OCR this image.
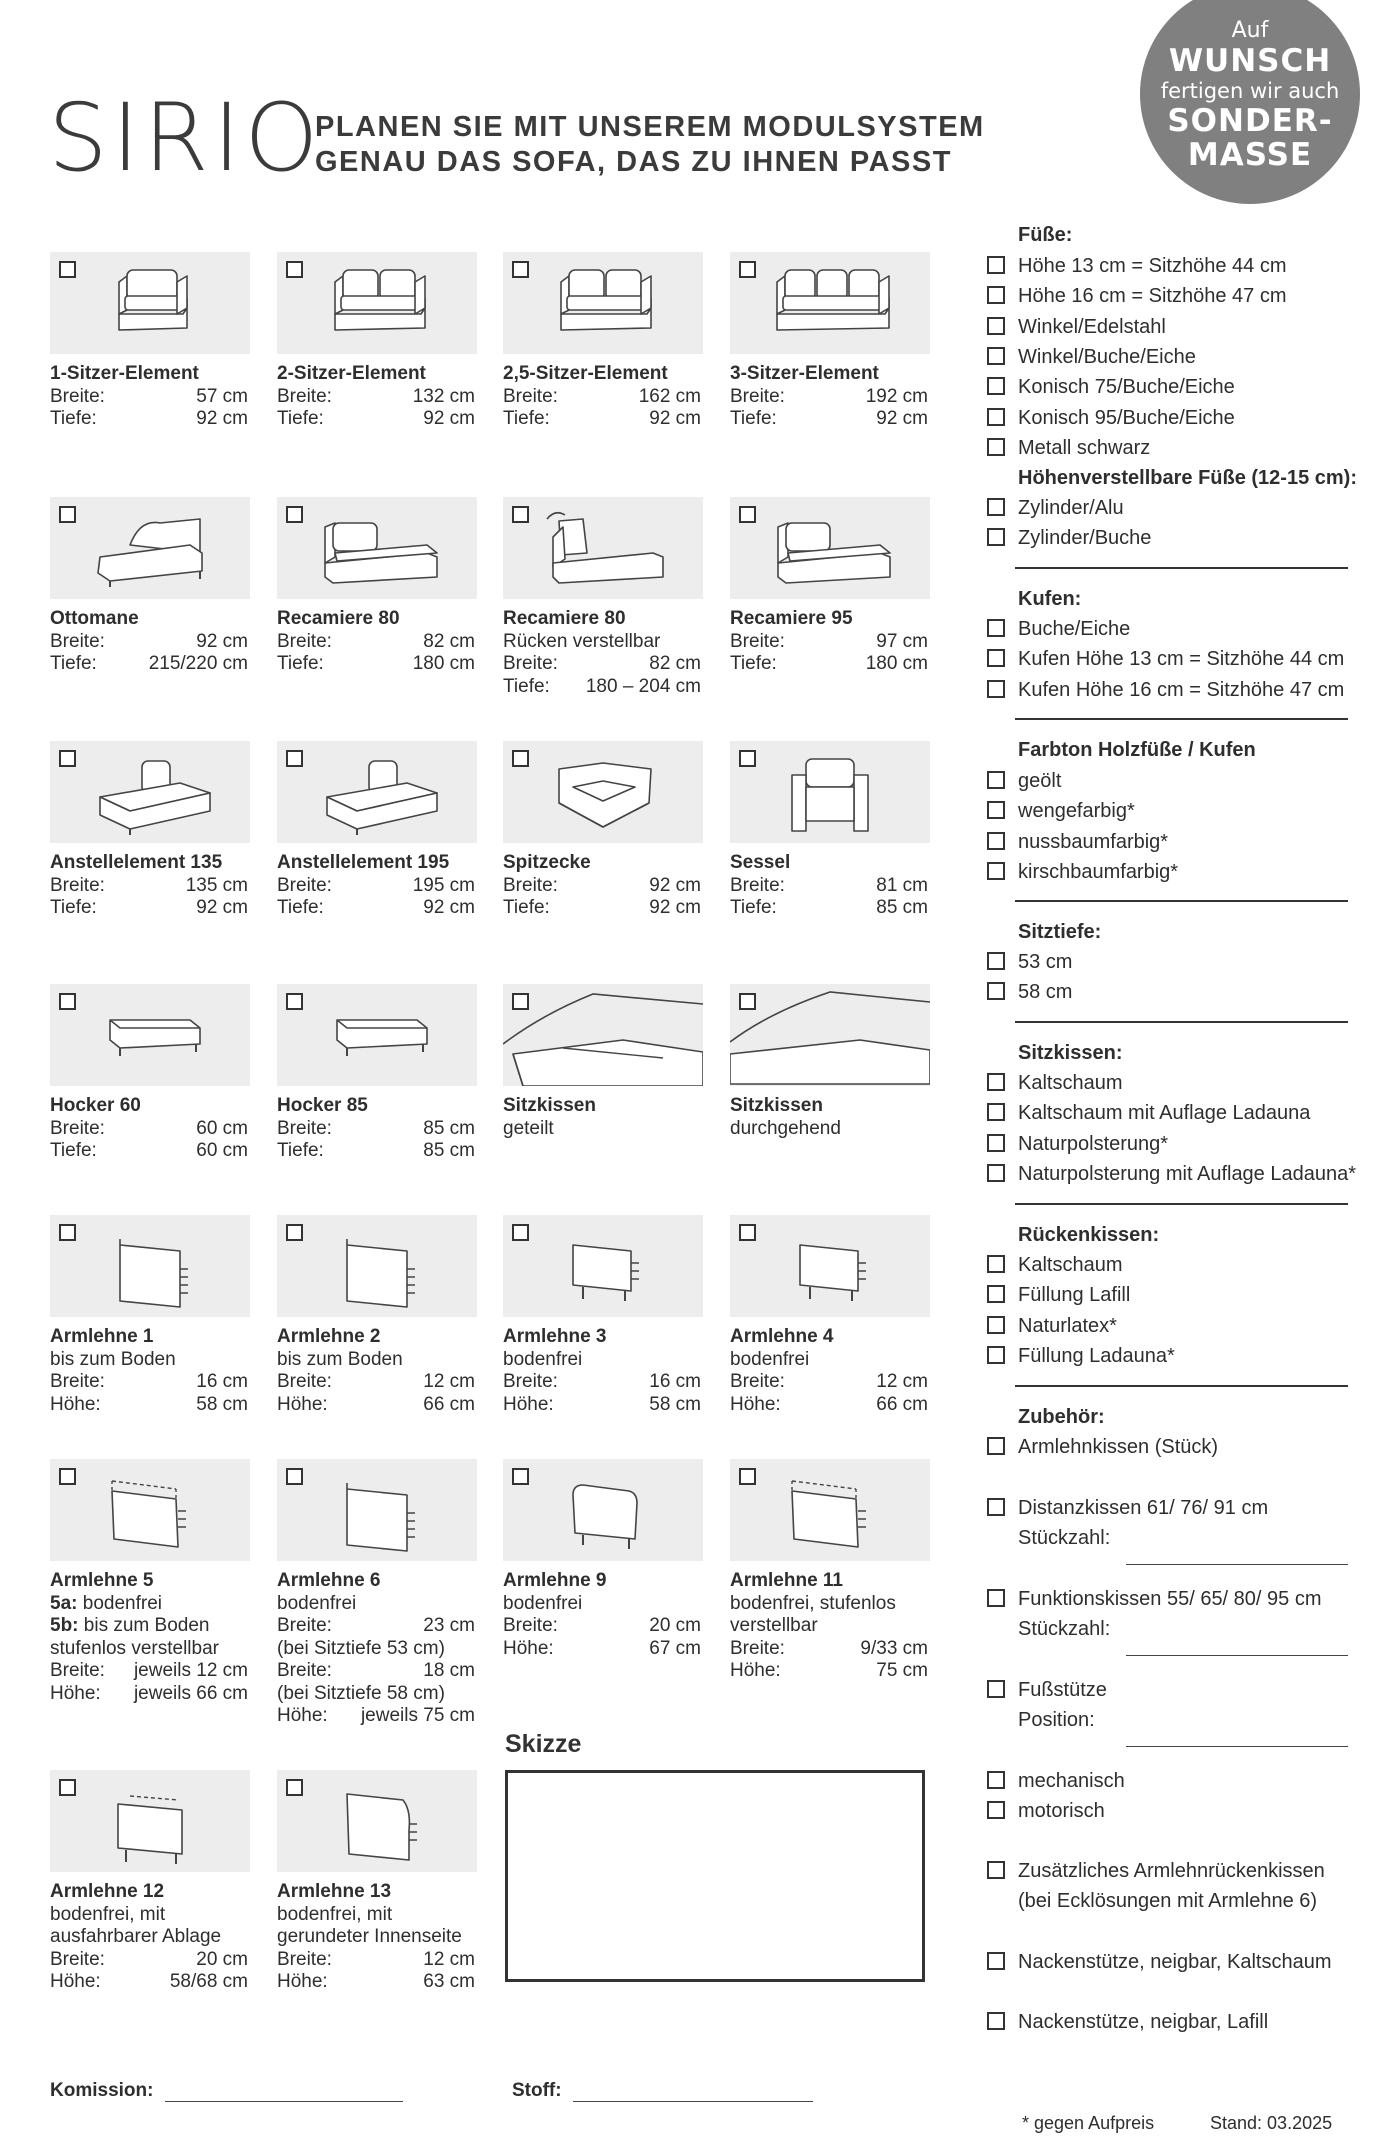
SIRIO
PLANEN SIE MIT UNSEREM MODULSYSTEM
GENAU DAS SOFA, DAS ZU IHNEN PASST
Auf
WUNSCH
fertigen wir auch
SONDER-
MASSE
1-Sitzer-Element
Breite:	57 cm
Tiefe:	92 cm
2-Sitzer-Element
Breite:	132 cm
Tiefe:	92 cm
2,5-Sitzer-Element
Breite:	162 cm
Tiefe:	92 cm
3-Sitzer-Element
Breite:	192 cm
Tiefe:	92 cm
Ottomane
Breite:	92 cm
Tiefe:	215/220 cm
Recamiere 80
Breite:	82 cm
Tiefe:	180 cm
Recamiere 80
Rücken verstellbar
Breite:	82 cm
Tiefe: 180 – 204 cm
Recamiere 95
Breite:	97 cm
Tiefe:	180 cm
Anstellelement 135
Breite:	135 cm
Tiefe:	92 cm
Anstellelement 195
Breite:	195 cm
Tiefe:	92 cm
Spitzecke
Breite:	92 cm
Tiefe:	92 cm
Sessel
Breite:	81 cm
Tiefe:	85 cm
Hocker 60
Breite:	60 cm
Tiefe:	60 cm
Hocker 85
Breite:	85 cm
Tiefe:	85 cm
Sitzkissen
geteilt
Sitzkissen
durchgehend
Armlehne 1
bis zum Boden
Breite:	16 cm
Höhe:	58 cm
Armlehne 2
bis zum Boden
Breite:	12 cm
Höhe:	66 cm
Armlehne 3
bodenfrei
Breite:	16 cm
Höhe:	58 cm
Armlehne 4
bodenfrei
Breite:	12 cm
Höhe:	66 cm
Armlehne 5
5a: bodenfrei
5b: bis zum Boden
stufenlos verstellbar
Breite: jeweils 12 cm
Höhe: jeweils 66 cm
Armlehne 6
bodenfrei
Breite:	23 cm
(bei Sitztiefe 53 cm)
Breite:	18 cm
(bei Sitztiefe 58 cm)
Höhe: jeweils 75 cm
Armlehne 9
bodenfrei
Breite:	20 cm
Höhe:	67 cm
Armlehne 11
bodenfrei, stufenlos
verstellbar
Breite:	9/33 cm
Höhe:	75 cm
Armlehne 12
bodenfrei, mit
ausfahrbarer Ablage
Breite:	20 cm
Höhe:	58/68 cm
Armlehne 13
bodenfrei, mit
gerundeter Innenseite
Breite:	12 cm
Höhe:	63 cm
Skizze
Komission:	Stoff:
* gegen Aufpreis	Stand: 03.2025
Füße:
Höhe 13 cm = Sitzhöhe 44 cm
Höhe 16 cm = Sitzhöhe 47 cm
Winkel/Edelstahl
Winkel/Buche/Eiche
Konisch 75/Buche/Eiche
Konisch 95/Buche/Eiche
Metall schwarz
Höhenverstellbare Füße (12-15 cm):
Zylinder/Alu
Zylinder/Buche
Kufen:
Buche/Eiche
Kufen Höhe 13 cm = Sitzhöhe 44 cm
Kufen Höhe 16 cm = Sitzhöhe 47 cm
Farbton Holzfüße / Kufen
geölt
wengefarbig*
nussbaumfarbig*
kirschbaumfarbig*
Sitztiefe:
53 cm
58 cm
Sitzkissen:
Kaltschaum
Kaltschaum mit Auflage Ladauna
Naturpolsterung*
Naturpolsterung mit Auflage Ladauna*
Rückenkissen:
Kaltschaum
Füllung Lafill
Naturlatex*
Füllung Ladauna*
Zubehör:
Armlehnkissen (Stück)
Distanzkissen 61/ 76/ 91 cm
Stückzahl:
Funktionskissen 55/ 65/ 80/ 95 cm
Stückzahl:
Fußstütze
Position:
mechanisch
motorisch
Zusätzliches Armlehnrückenkissen
(bei Ecklösungen mit Armlehne 6)
Nackenstütze, neigbar, Kaltschaum
Nackenstütze, neigbar, Lafill
